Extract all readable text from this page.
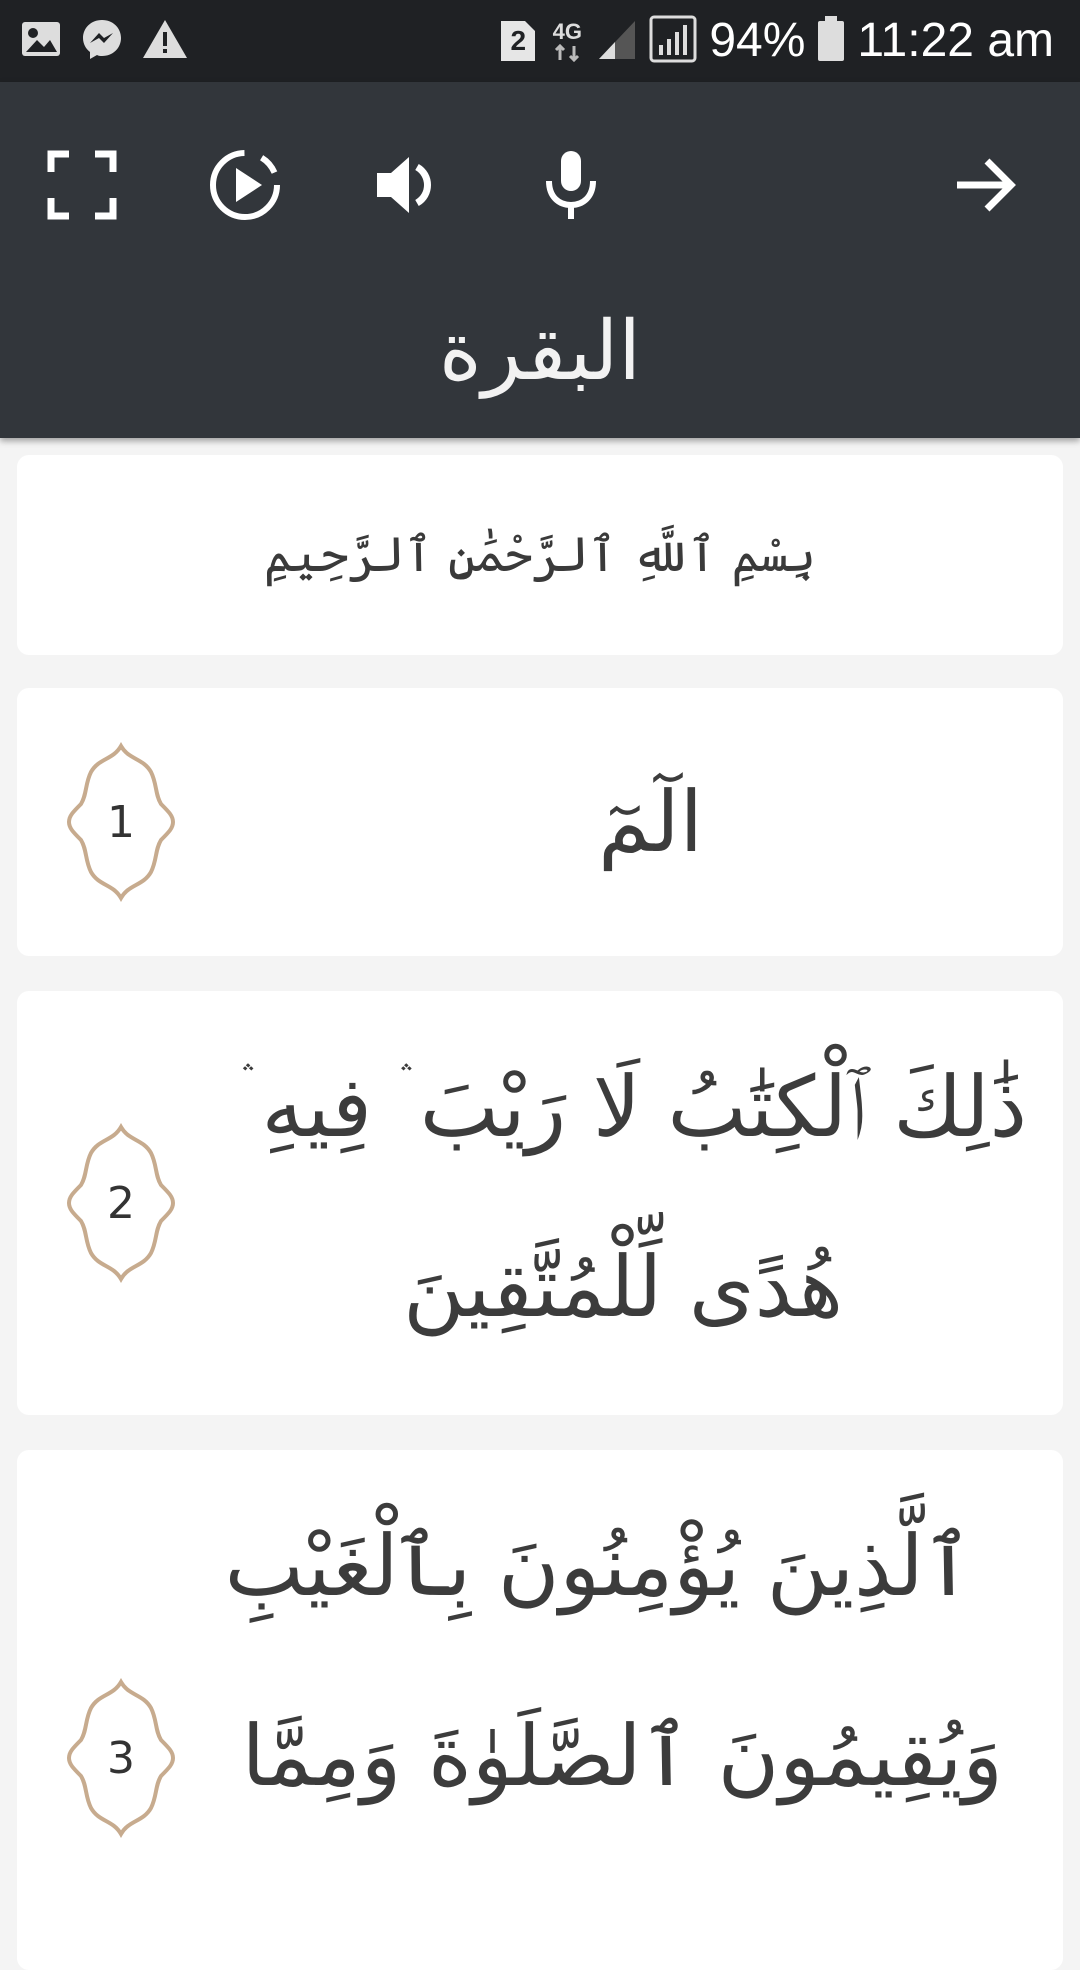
2	4G	94% 11:22 am
البقرة
بِسْمِ ٱللَّهِ ٱلرَّحْمَٰنِ ٱلرَّحِيمِ
1	الٓمٓ
2
ذَٰلِكَ ٱلْكِتَٰبُ لَا رَيْبَ ۛ فِيهِ ۛ
هُدًى لِّلْمُتَّقِينَ
3
ٱلَّذِينَ يُؤْمِنُونَ بِٱلْغَيْبِ
وَيُقِيمُونَ ٱلصَّلَوٰةَ وَمِمَّا
